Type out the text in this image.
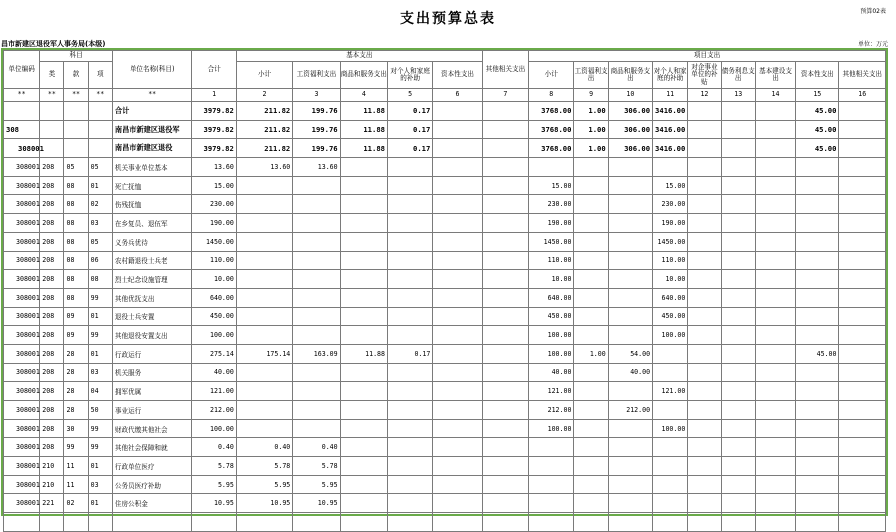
支出预算总表	预算02表
昌市新建区退役军人事务局(本级)	单位：万元
单位编码	科目			单位名称(科目)	合计	基本支出					其他相关支出	项目支出								
						小计	工资福利支出	商品和服务支出	对个人和家庭的补助	资本性支出		小计	工资福利支出	商品和服务支出	对个人和家庭的补助	对企事业单位的补贴	债务利息支出	基本建设支出	资本性支出	其他相关支出
	类	款	项																	
**	**	**	**	**	1	2	3	4	5	6	7	8	9	10	11	12	13	14	15	16
				合计	3979.82	211.82	199.76	11.88	0.17			3768.00	1.00	306.00	3416.00				45.00	
308				南昌市新建区退役军	3979.82	211.82	199.76	11.88	0.17			3768.00	1.00	306.00	3416.00				45.00	
308001				南昌市新建区退役	3979.82	211.82	199.76	11.88	0.17			3768.00	1.00	306.00	3416.00				45.00	
308001	208	05	05	机关事业单位基本	13.60	13.60	13.60													
308001	208	08	01	死亡抚恤	15.00							15.00			15.00					
308001	208	08	02	伤残抚恤	230.00							230.00			230.00					
308001	208	08	03	在乡复员、退伍军	190.00							190.00			190.00					
308001	208	08	05	义务兵优待	1450.00							1450.00			1450.00					
308001	208	08	06	农村籍退役士兵老	110.00							110.00			110.00					
308001	208	08	08	烈士纪念设施管理	10.00							10.00			10.00					
308001	208	08	99	其他优抚支出	640.00							640.00			640.00					
308001	208	09	01	退役士兵安置	450.00							450.00			450.00					
308001	208	09	99	其他退役安置支出	100.00							100.00			100.00					
308001	208	28	01	行政运行	275.14	175.14	163.09	11.88	0.17			100.00	1.00	54.00					45.00	
308001	208	28	03	机关服务	40.00							40.00		40.00						
308001	208	28	04	拥军优属	121.00							121.00			121.00					
308001	208	28	50	事业运行	212.00							212.00		212.00						
308001	208	30	99	财政代缴其他社会	100.00							100.00			100.00					
308001	208	99	99	其他社会保障和就	0.40	0.40	0.40													
308001	210	11	01	行政单位医疗	5.78	5.78	5.78													
308001	210	11	03	公务员医疗补助	5.95	5.95	5.95													
308001	221	02	01	住房公积金	10.95	10.95	10.95													
